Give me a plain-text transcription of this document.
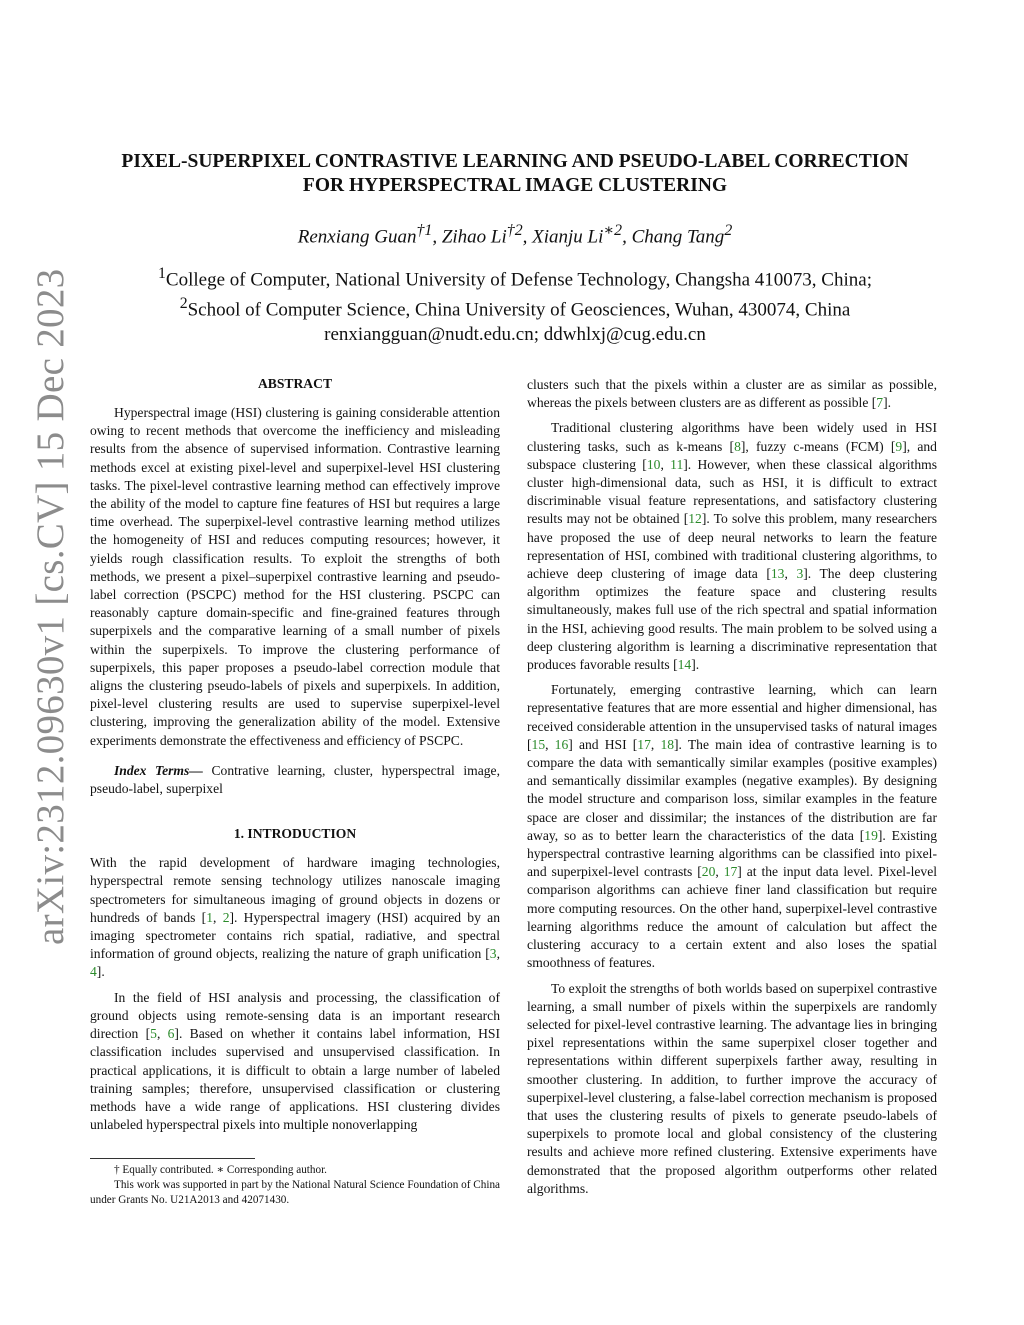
arXiv:2312.09630v1 [cs.CV] 15 Dec 2023
PIXEL-SUPERPIXEL CONTRASTIVE LEARNING AND PSEUDO-LABEL CORRECTION
FOR HYPERSPECTRAL IMAGE CLUSTERING
Renxiang Guan$^{\dagger 1}$, Zihao Li$^{\dagger 2}$, Xianju $Li^{∗2}$, Chang Tang$^2$
$^1$College of Computer, National University of Defense Technology, Changsha 410073, China;
$^2$School of Computer Science, China University of Geosciences, Wuhan, 430074, China
renxiangguan@nudt.edu.cn; ddwhlxj@cug.edu.cn
ABSTRACT

Hyperspectral image (HSI) clustering is gaining considerable attention owing to recent methods that overcome the inefficiency and misleading results from the absence of supervised information. Contrastive learning methods excel at existing pixel-level and superpixel-level HSI clustering tasks. The pixel-level contrastive learning method can effectively improve the ability of the model to capture fine features of HSI but requires a large time overhead. The superpixel-level contrastive learning method utilizes the homogeneity of HSI and reduces computing resources; however, it yields rough classification results. To exploit the strengths of both methods, we present a pixel–superpixel contrastive learning and pseudo-label correction (PSCPC) method for the HSI clustering. PSCPC can reasonably capture domain-specific and fine-grained features through superpixels and the comparative learning of a small number of pixels within the superpixels. To improve the clustering performance of superpixels, this paper proposes a pseudo-label correction module that aligns the clustering pseudo-labels of pixels and superpixels. In addition, pixel-level clustering results are used to supervise superpixel-level clustering, improving the generalization ability of the model. Extensive experiments demonstrate the effectiveness and efficiency of PSCPC.

Index Terms— Contrative learning, cluster, hyperspectral image, pseudo-label, superpixel

1. INTRODUCTION

With the rapid development of hardware imaging technologies, hyperspectral remote sensing technology utilizes nanoscale imaging spectrometers for simultaneous imaging of ground objects in dozens or hundreds of bands [1, 2]. Hyperspectral imagery (HSI) acquired by an imaging spectrometer contains rich spatial, radiative, and spectral information of ground objects, realizing the nature of graph unification [3, 4].

In the field of HSI analysis and processing, the classification of ground objects using remote-sensing data is an important research direction [5, 6]. Based on whether it contains label information, HSI classification includes supervised and unsupervised classification. In practical applications, it is difficult to obtain a large number of labeled training samples; therefore, unsupervised classification or clustering methods have a wide range of applications. HSI clustering divides unlabeled hyperspectral pixels into multiple nonoverlapping

clusters such that the pixels within a cluster are as similar as possible, whereas the pixels between clusters are as different as possible [7].

Traditional clustering algorithms have been widely used in HSI clustering tasks, such as k-means [8], fuzzy c-means (FCM) [9], and subspace clustering [10, 11]. However, when these classical algorithms cluster high-dimensional data, such as HSI, it is difficult to extract discriminable visual feature representations, and satisfactory clustering results may not be obtained [12]. To solve this problem, many researchers have proposed the use of deep neural networks to learn the feature representation of HSI, combined with traditional clustering algorithms, to achieve deep clustering of image data [13, 3]. The deep clustering algorithm optimizes the feature space and clustering results simultaneously, makes full use of the rich spectral and spatial information in the HSI, achieving good results. The main problem to be solved using a deep clustering algorithm is learning a discriminative representation that produces favorable results [14].

Fortunately, emerging contrastive learning, which can learn representative features that are more essential and higher dimensional, has received considerable attention in the unsupervised tasks of natural images [15, 16] and HSI [17, 18]. The main idea of contrastive learning is to compare the data with semantically similar examples (positive examples) and semantically dissimilar examples (negative examples). By designing the model structure and comparison loss, similar examples in the feature space are closer and dissimilar; the instances of the distribution are far away, so as to better learn the characteristics of the data [19]. Existing hyperspectral contrastive learning algorithms can be classified into pixel- and superpixel-level contrasts [20, 17] at the input data level. Pixel-level comparison algorithms can achieve finer land classification but require more computing resources. On the other hand, superpixel-level contrastive learning algorithms reduce the amount of calculation but affect the clustering accuracy to a certain extent and also loses the spatial smoothness of features.

To exploit the strengths of both worlds based on superpixel contrastive learning, a small number of pixels within the superpixels are randomly selected for pixel-level contrastive learning. The advantage lies in bringing pixel representations within the same superpixel closer together and representations within different superpixels farther away, resulting in smoother clustering. In addition, to further improve the accuracy of superpixel-level clustering, a false-label correction mechanism is proposed that uses the clustering results of pixels to generate pseudo-labels of superpixels to promote local and global consistency of the clustering results and achieve more refined clustering. Extensive experiments have demonstrated that the proposed algorithm outperforms other related algorithms.

† Equally contributed. ∗ Corresponding author.
This work was supported in part by the National Natural Science Foundation of China under Grants No. U21A2013 and 42071430.
